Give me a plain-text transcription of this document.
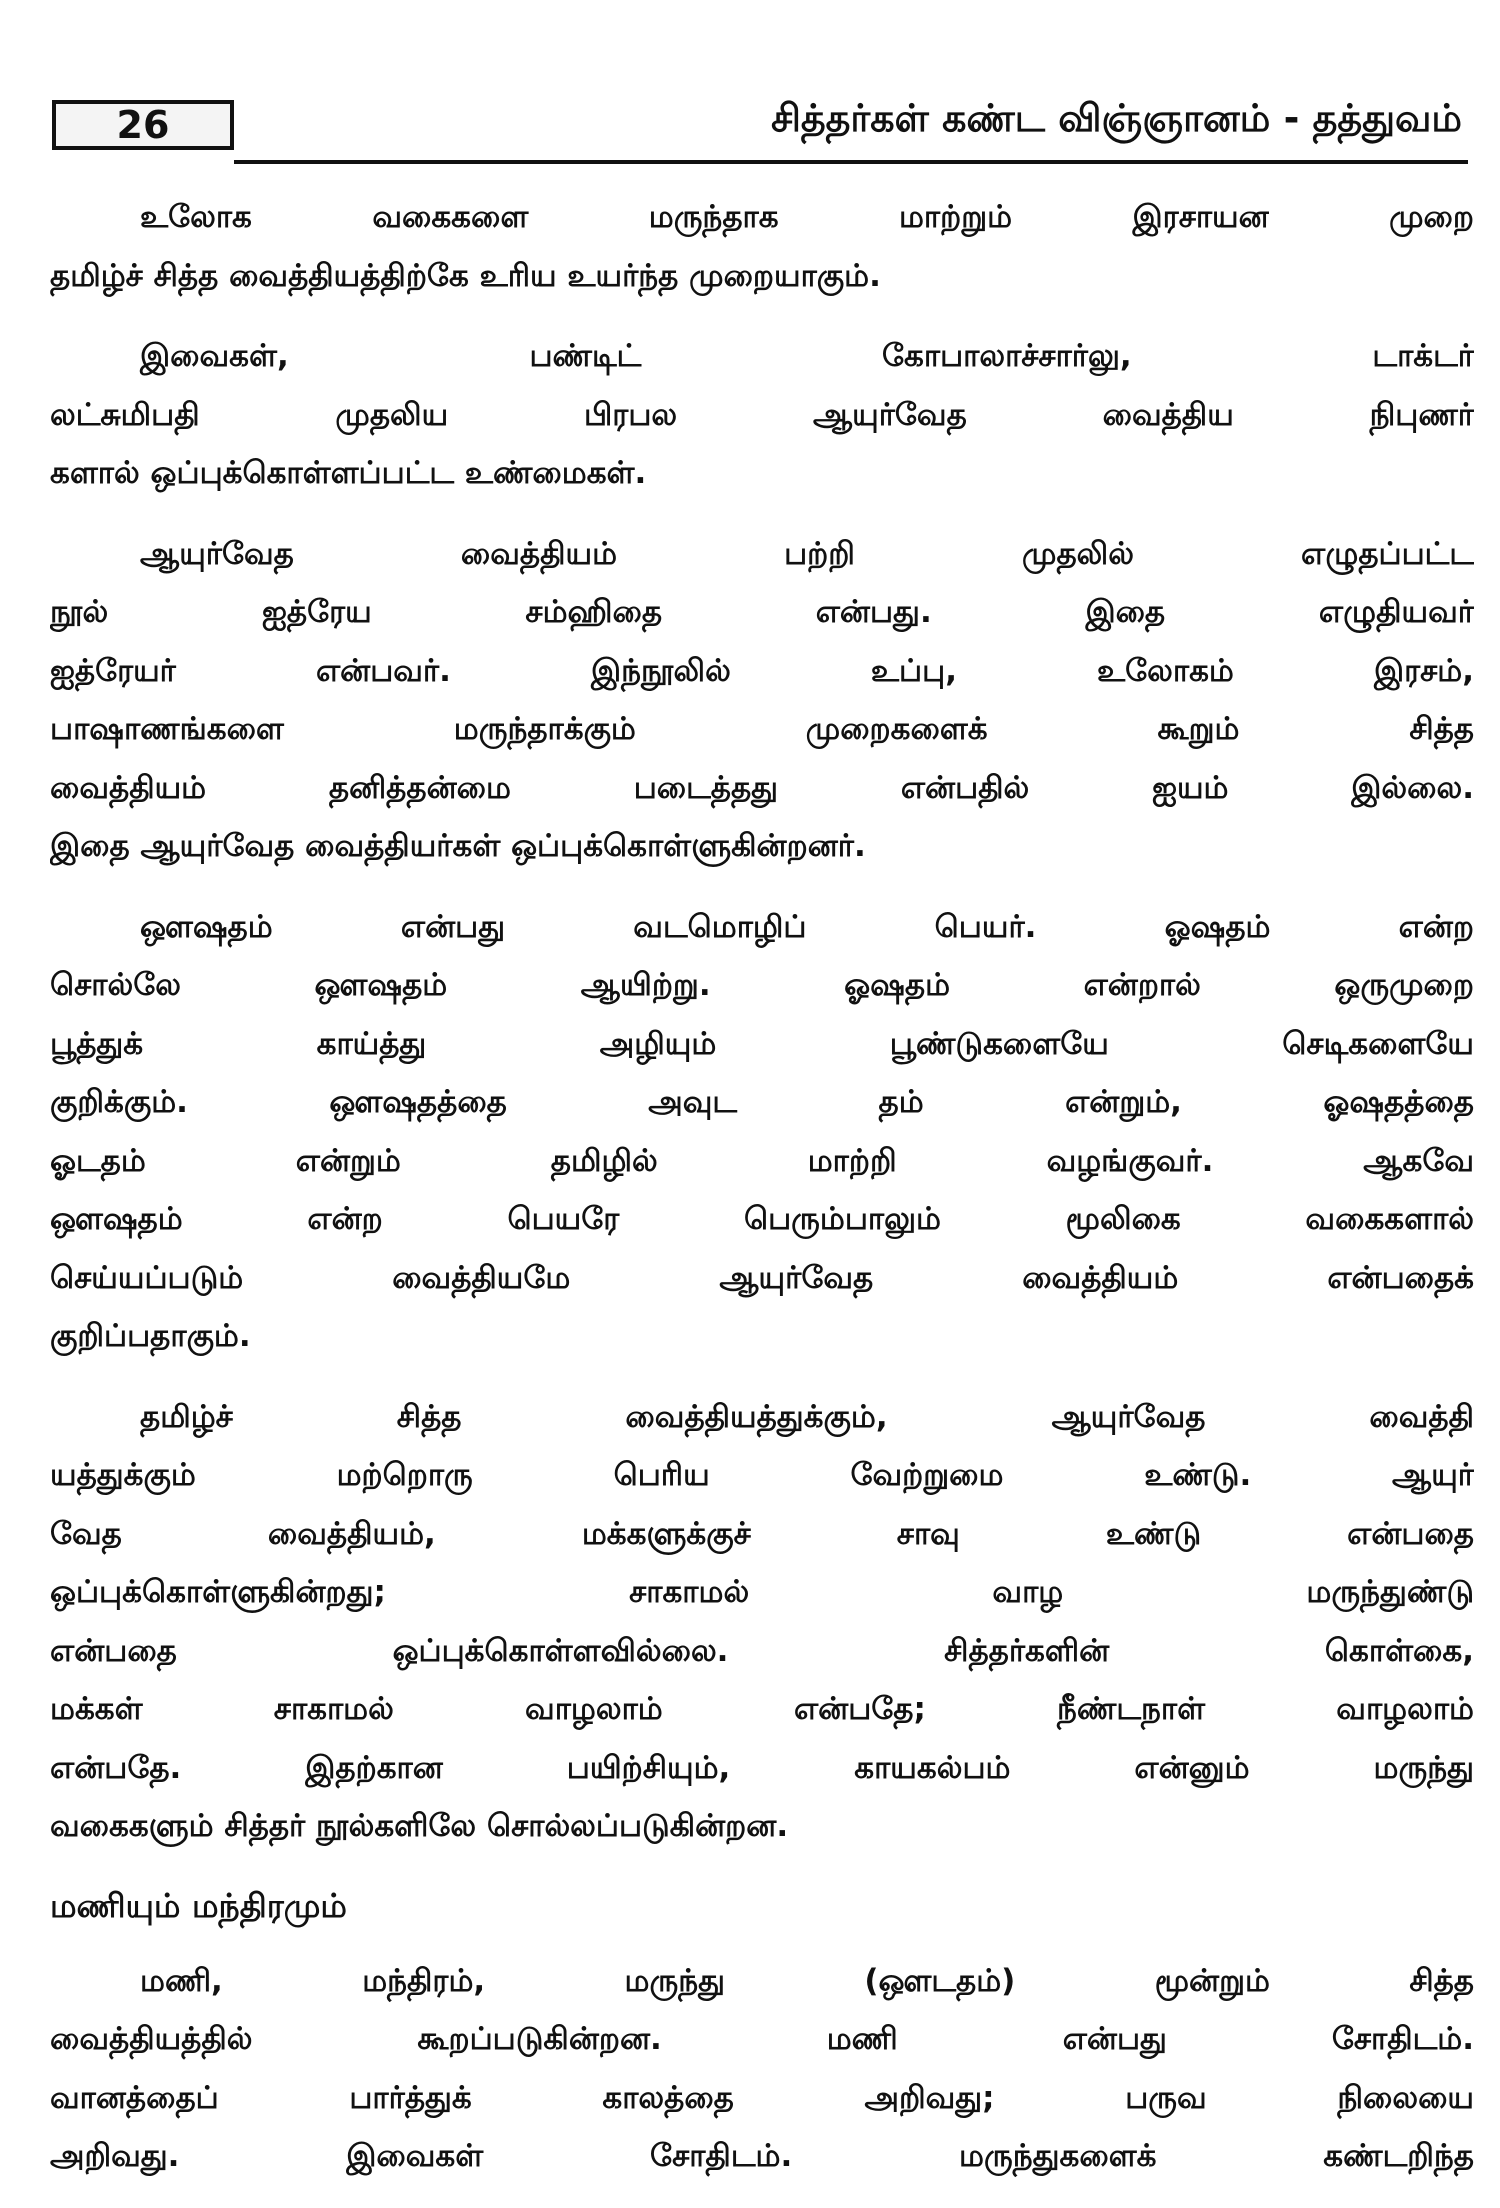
26	சித்தர்கள் கண்ட விஞ்ஞானம் - தத்துவம்
உலோக வகைகளை மருந்தாக மாற்றும் இரசாயன முறை
தமிழ்ச் சித்த வைத்தியத்திற்கே உரிய உயர்ந்த முறையாகும்.
இவைகள், பண்டிட் கோபாலாச்சார்லு, டாக்டர்
லட்சுமிபதி முதலிய பிரபல ஆயுர்வேத வைத்திய நிபுணர்
களால் ஒப்புக்கொள்ளப்பட்ட உண்மைகள்.
ஆயுர்வேத வைத்தியம் பற்றி முதலில் எழுதப்பட்ட
நூல் ஐத்ரேய சம்ஹிதை என்பது. இதை எழுதியவர்
ஐத்ரேயர் என்பவர். இந்நூலில் உப்பு, உலோகம் இரசம்,
பாஷாணங்களை மருந்தாக்கும் முறைகளைக் கூறும் சித்த
வைத்தியம் தனித்தன்மை படைத்தது என்பதில் ஐயம் இல்லை.
இதை ஆயுர்வேத வைத்தியர்கள் ஒப்புக்கொள்ளுகின்றனர்.
ஔஷதம் என்பது வடமொழிப் பெயர். ஓஷதம் என்ற
சொல்லே ஔஷதம் ஆயிற்று. ஓஷதம் என்றால் ஒருமுறை
பூத்துக் காய்த்து அழியும் பூண்டுகளையே செடிகளையே
குறிக்கும். ஔஷதத்தை அவுட தம் என்றும், ஓஷதத்தை
ஓடதம் என்றும் தமிழில் மாற்றி வழங்குவர். ஆகவே
ஔஷதம் என்ற பெயரே பெரும்பாலும் மூலிகை வகைகளால்
செய்யப்படும் வைத்தியமே ஆயுர்வேத வைத்தியம் என்பதைக்
குறிப்பதாகும்.
தமிழ்ச் சித்த வைத்தியத்துக்கும், ஆயுர்வேத வைத்தி
யத்துக்கும் மற்றொரு பெரிய வேற்றுமை உண்டு. ஆயுர்
வேத வைத்தியம், மக்களுக்குச் சாவு உண்டு என்பதை
ஒப்புக்கொள்ளுகின்றது; சாகாமல் வாழ மருந்துண்டு
என்பதை ஒப்புக்கொள்ளவில்லை. சித்தர்களின் கொள்கை,
மக்கள் சாகாமல் வாழலாம் என்பதே; நீண்டநாள் வாழலாம்
என்பதே. இதற்கான பயிற்சியும், காயகல்பம் என்னும் மருந்து
வகைகளும் சித்தர் நூல்களிலே சொல்லப்படுகின்றன.
மணியும் மந்திரமும்
மணி, மந்திரம், மருந்து (ஔடதம்) மூன்றும் சித்த
வைத்தியத்தில் கூறப்படுகின்றன. மணி என்பது சோதிடம்.
வானத்தைப் பார்த்துக் காலத்தை அறிவது; பருவ நிலையை
அறிவது. இவைகள் சோதிடம். மருந்துகளைக் கண்டறிந்த
